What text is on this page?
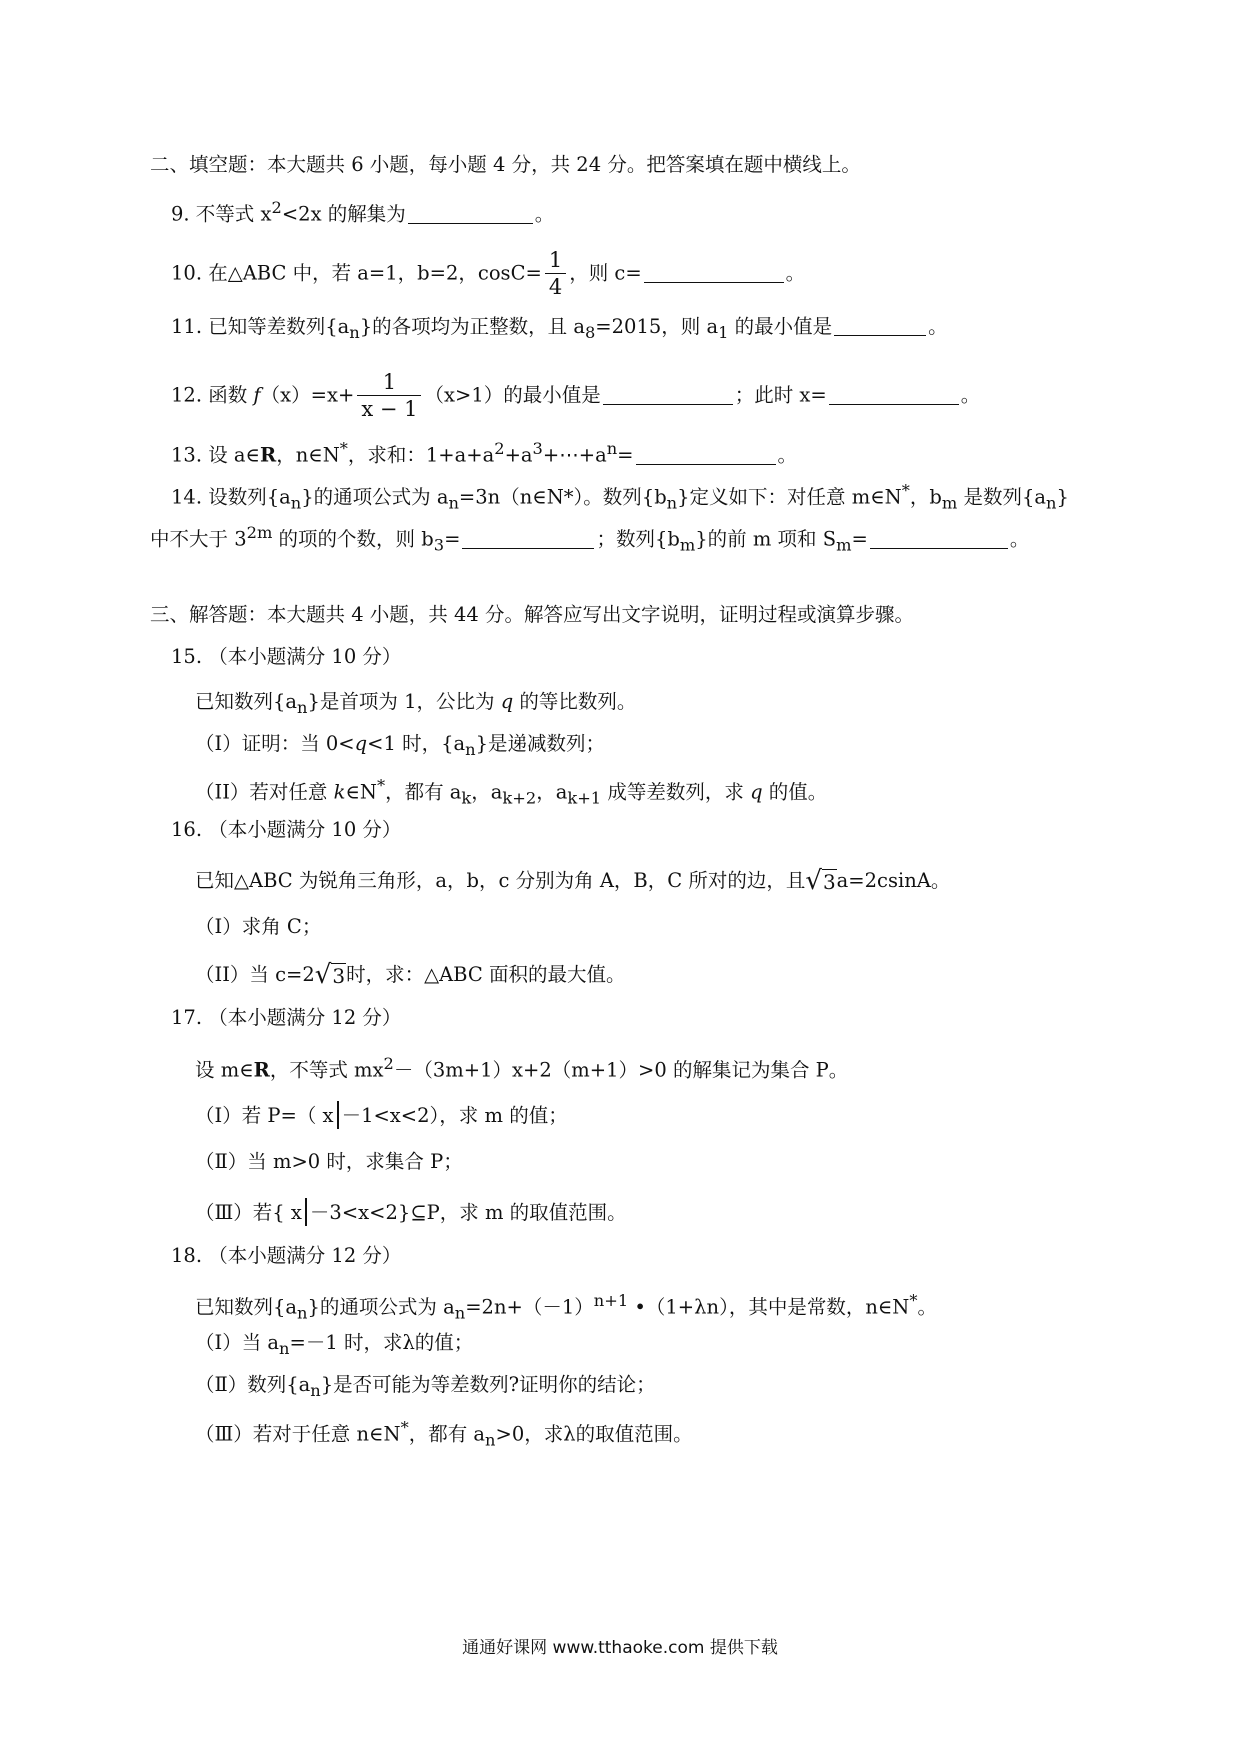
二、填空题：本大题共 6 小题，每小题 4 分，共 24 分。把答案填在题中横线上。
9. 不等式 $x^2<2x$ 的解集为	。
10. 在△ABC 中，若 a=1，b=2，$\cos C= \frac{1}{4}$ ，则 c=	。
11. 已知等差数列$\{a_n\}$的各项均为正整数，且 $a_8=2015$，则 $a_1$ 的最小值是	。
12. 函数 $f(x)=x+ \frac{1}{x - 1} (x>1)$的最小值是	；此时 x=	。
13. 设 a∈R，n∈N*，求和：$1+a+a^2+a^3+\cdots+a^n=$	。
14. 设数列$\{a_n\}$的通项公式为 $a_n=3n(n\in N*)$。数列$\{b_n\}$定义如下：对任意 m∈N*，$b_m$ 是数列$\{a_n\}$
中不大于 $3^{2m}$ 的项的个数，则 $b_3=$	；数列$\{b_m\}$的前 m 项和 $S_m=$	。
三、解答题：本大题共 4 小题，共 44 分。解答应写出文字说明，证明过程或演算步骤。
15. （本小题满分 10 分）
已知数列$\{a_n\}$是首项为 1，公比为 q 的等比数列。
（I）证明：当 0<q<1 时，$\{a_n\}$是递减数列；
（II）若对任意 k∈N*，都有 $a_k$，$a_{k+2}$，$a_{k+1}$ 成等差数列，求 q 的值。
16. （本小题满分 10 分）
已知△ABC 为锐角三角形，a，b，c 分别为角 A，B，C 所对的边，且√3a=2csinA。
（I）求角 C；
（II）当 c=2√3时，求：△ABC 面积的最大值。
17. （本小题满分 12 分）
设 m∈R，不等式 $mx^2-(3m+1)x+2(m+1)>0$ 的解集记为集合 P。
（I）若 P=（ x －1<x<2），求 m 的值；
（Ⅱ）当 m>0 时，求集合 P；
（Ⅲ）若{ x －3<x<2}⊆P，求 m 的取值范围。
18. （本小题满分 12 分）
已知数列$\{a_n\}$的通项公式为 $a_n=2n+(-1)^{n+1}$ •（1+λn），其中是常数，n∈N*。
（I）当 $a_n=-1$ 时，求λ的值；
（Ⅱ）数列$\{a_n\}$是否可能为等差数列?证明你的结论；
（Ⅲ）若对于任意 n∈N*，都有 $a_n>0$，求λ的取值范围。
通通好课网 www.tthaoke.com 提供下载
